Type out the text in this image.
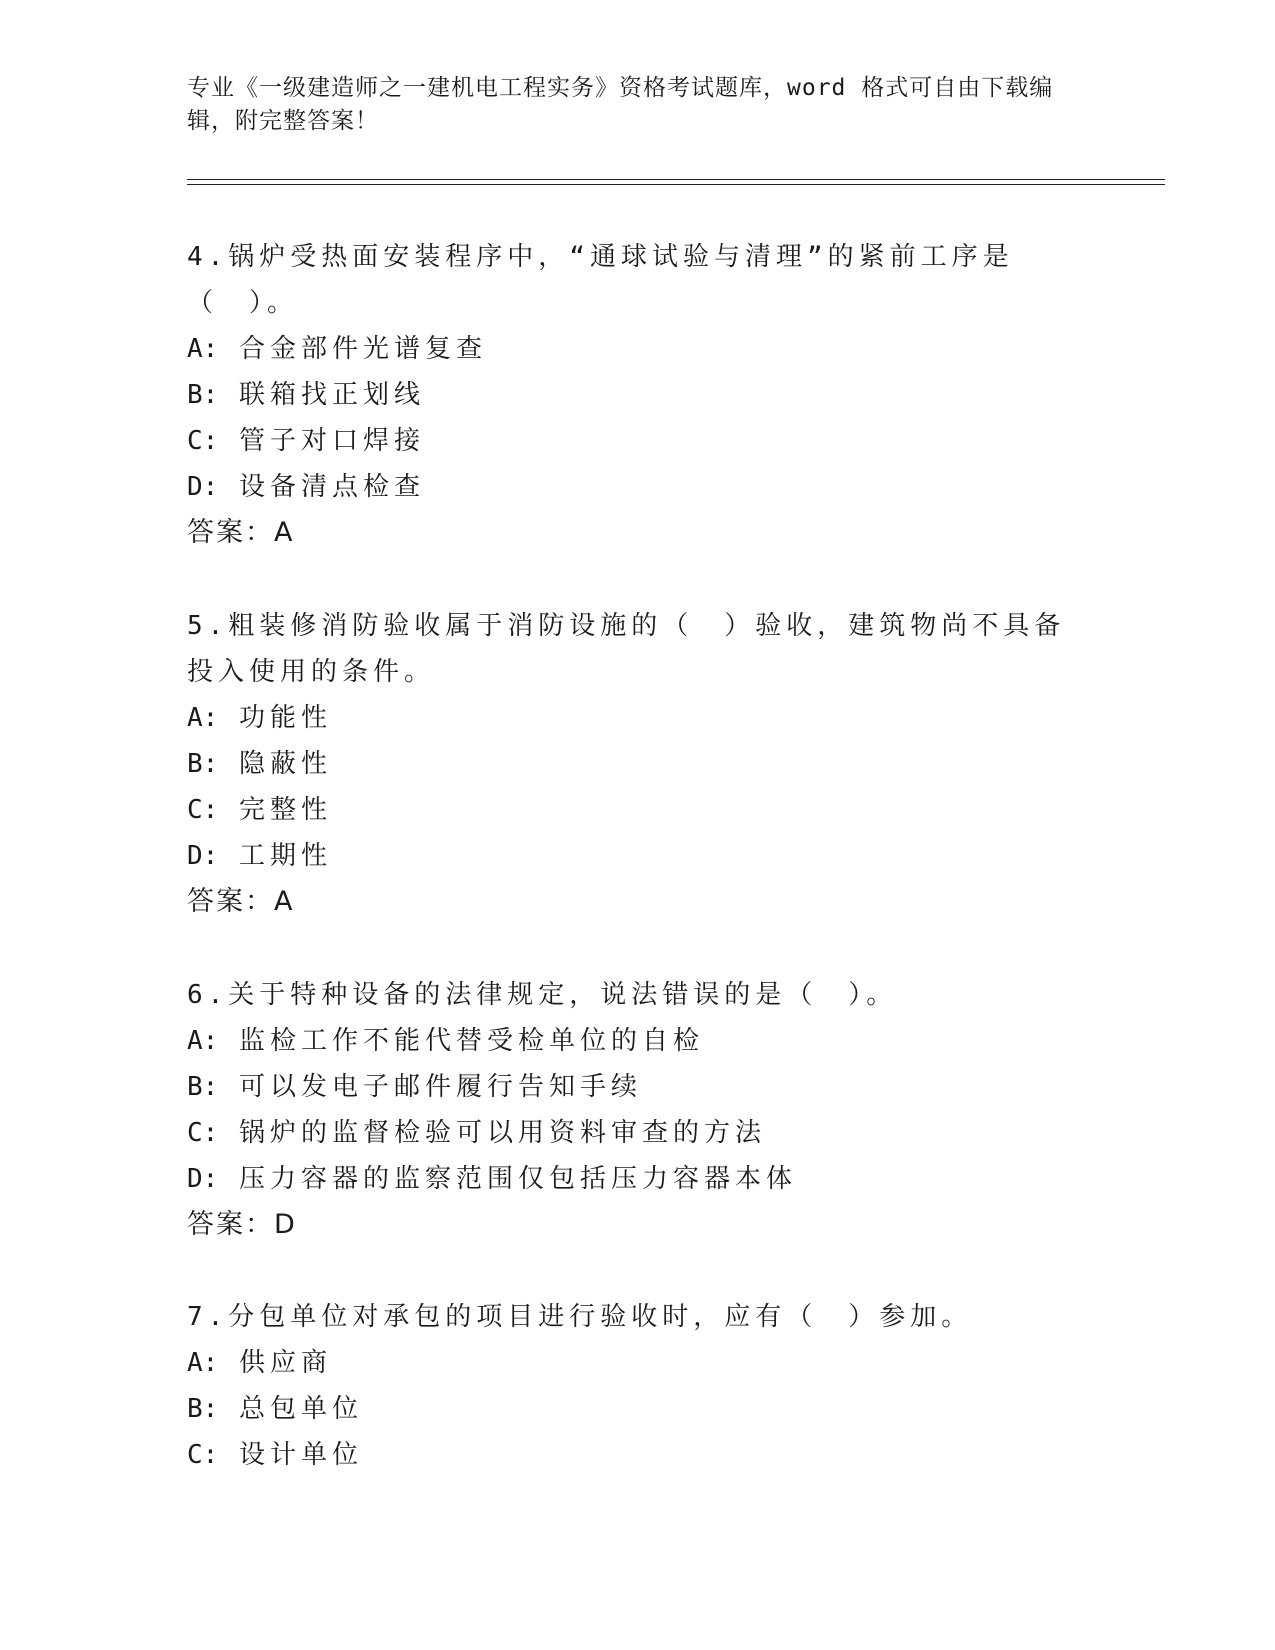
专业《一级建造师之一建机电工程实务》资格考试题库，word 格式可自由下载编辑，附完整答案！

4.锅炉受热面安装程序中，“通球试验与清理”的紧前工序是（　）。

A: 合金部件光谱复查
B: 联箱找正划线
C: 管子对口焊接
D: 设备清点检查
答案：A

5.粗装修消防验收属于消防设施的（　）验收，建筑物尚不具备投入使用的条件。

A: 功能性
B: 隐蔽性
C: 完整性
D: 工期性
答案：A

6.关于特种设备的法律规定，说法错误的是（　）。

A: 监检工作不能代替受检单位的自检
B: 可以发电子邮件履行告知手续
C: 锅炉的监督检验可以用资料审查的方法
D: 压力容器的监察范围仅包括压力容器本体
答案：D

7.分包单位对承包的项目进行验收时，应有（　）参加。

A: 供应商
B: 总包单位
C: 设计单位
